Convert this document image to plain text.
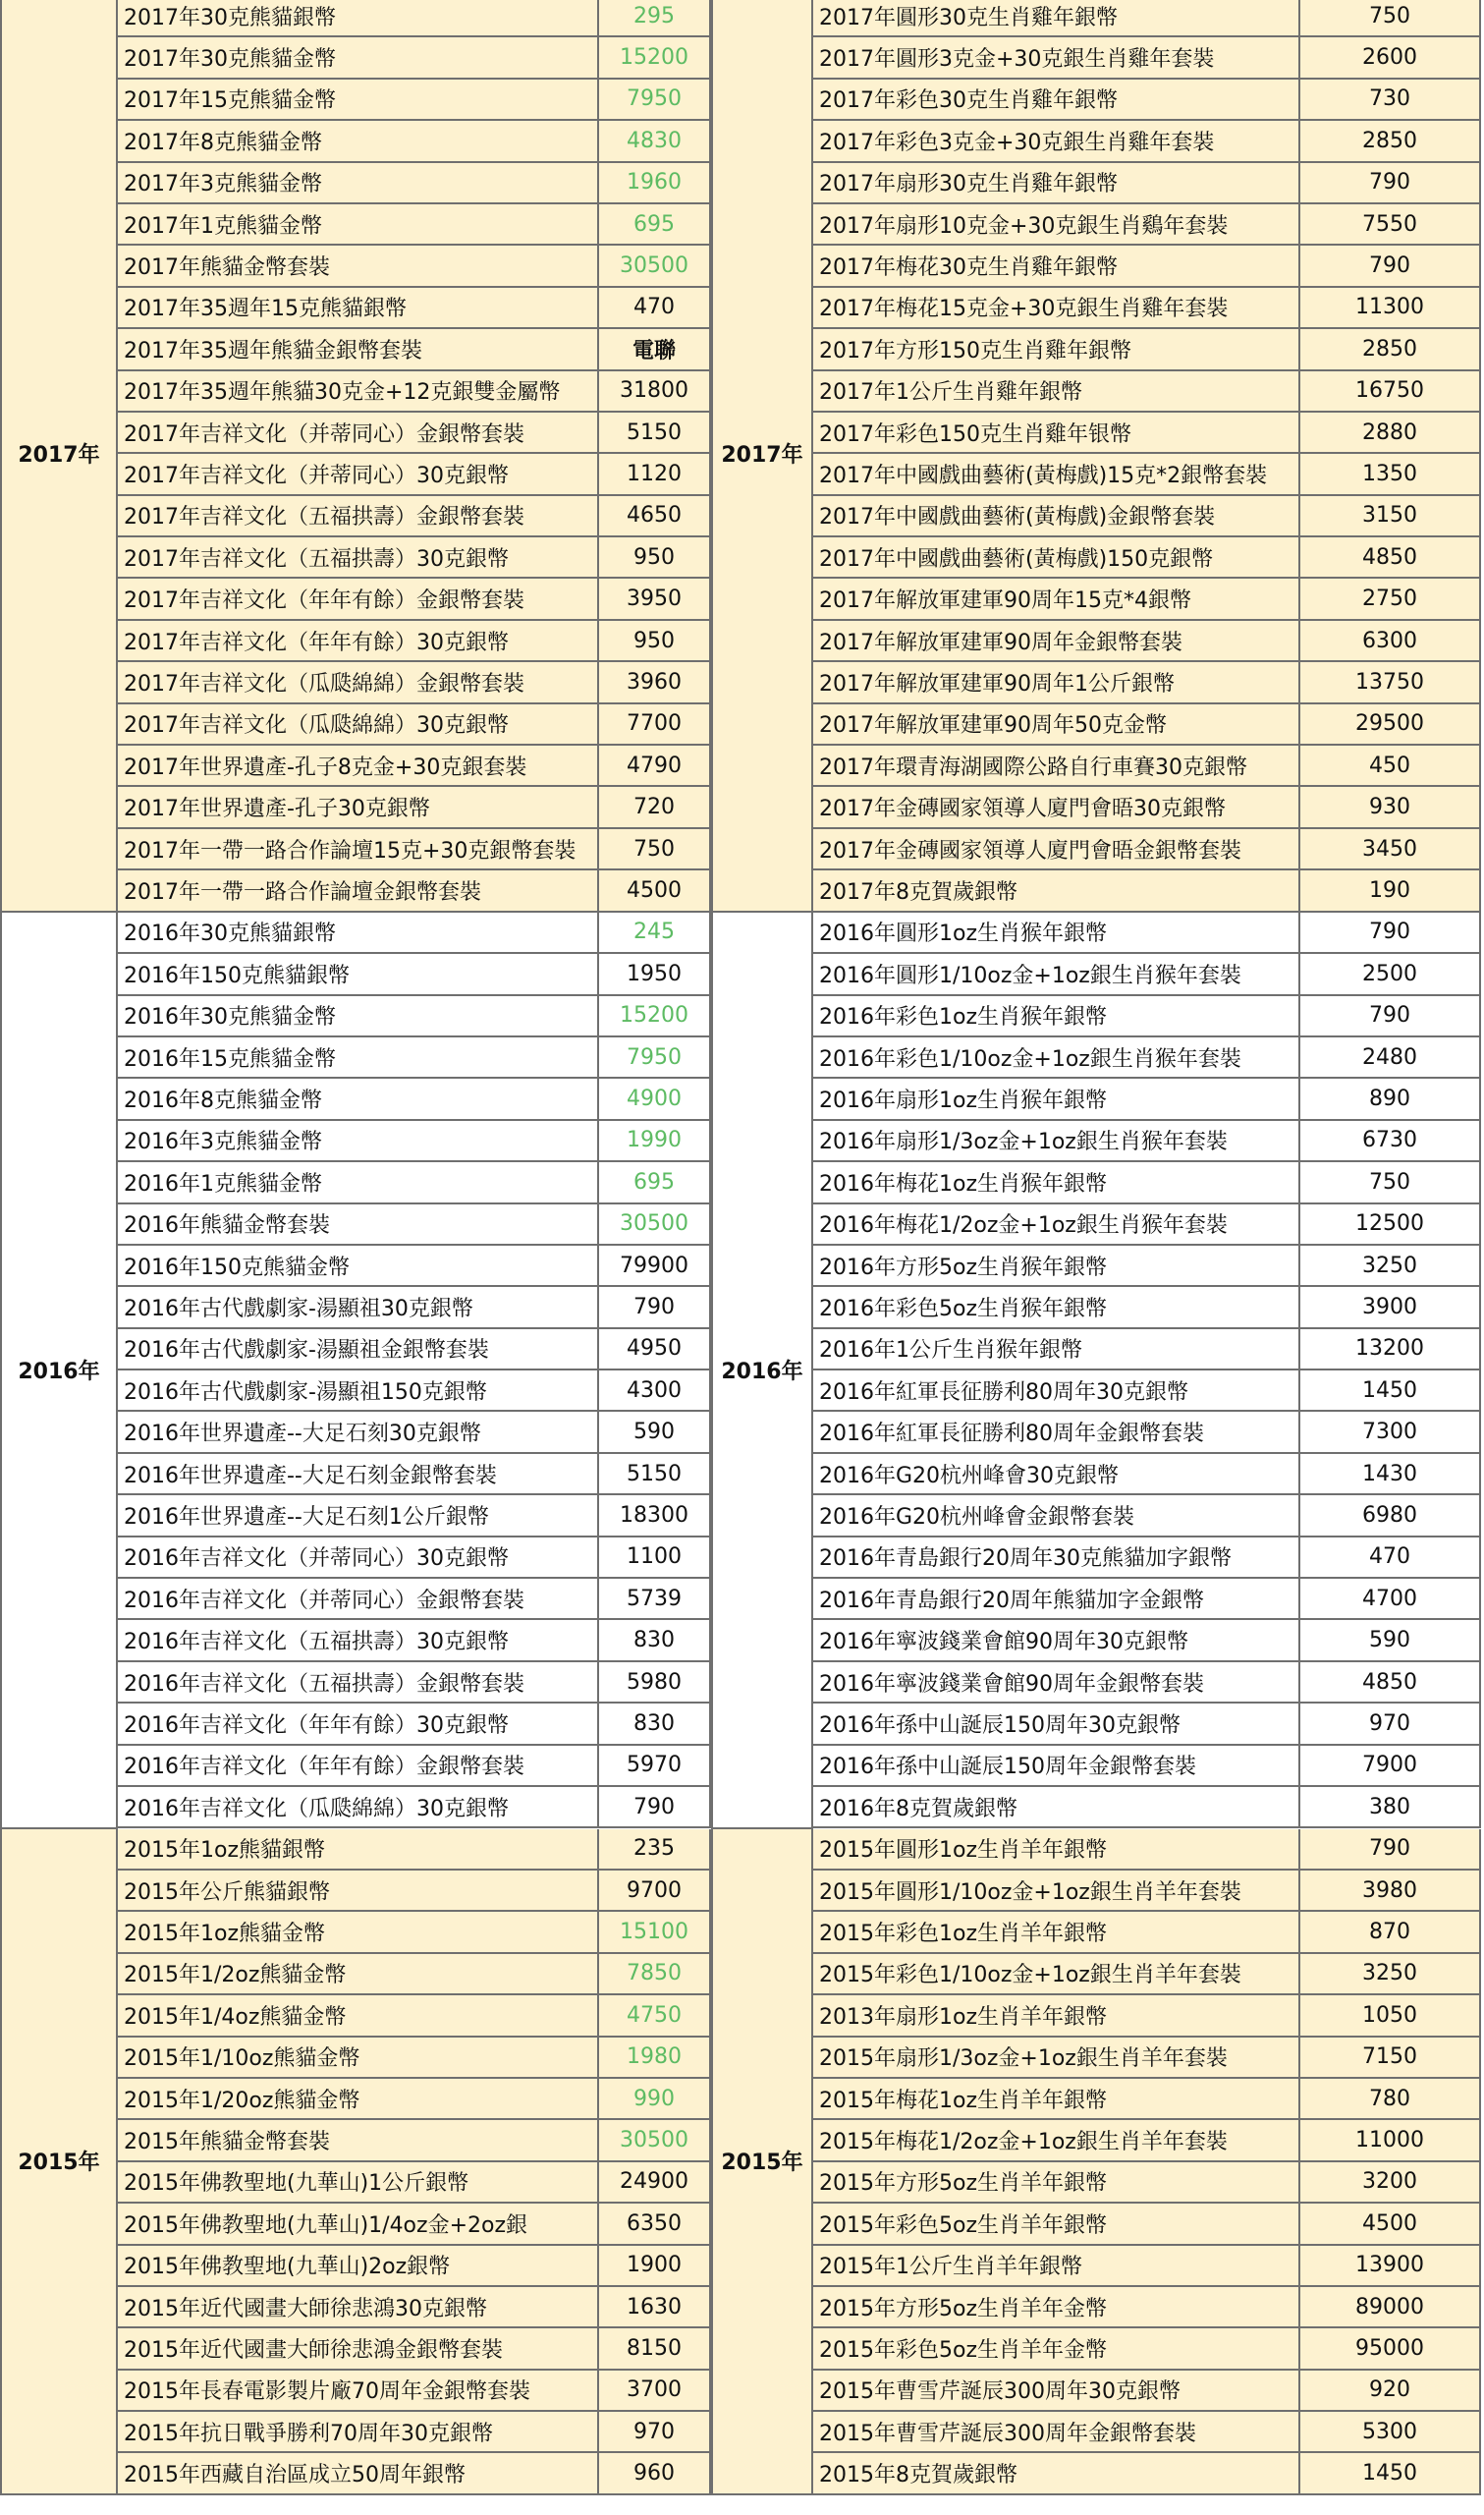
2017年	2017年
2017年30克熊貓銀幣	295
2017年30克熊貓金幣	15200
2017年15克熊貓金幣	7950
2017年8克熊貓金幣	4830
2017年3克熊貓金幣	1960
2017年1克熊貓金幣	695
2017年熊貓金幣套裝	30500
2017年35週年15克熊貓銀幣	470
2017年35週年熊貓金銀幣套裝	電聯
2017年35週年熊貓30克金+12克銀雙金屬幣	31800
2017年吉祥文化（并蒂同心）金銀幣套裝	5150
2017年吉祥文化（并蒂同心）30克銀幣	1120
2017年吉祥文化（五福拱壽）金銀幣套裝	4650
2017年吉祥文化（五福拱壽）30克銀幣	950
2017年吉祥文化（年年有餘）金銀幣套裝	3950
2017年吉祥文化（年年有餘）30克銀幣	950
2017年吉祥文化（瓜瓞綿綿）金銀幣套裝	3960
2017年吉祥文化（瓜瓞綿綿）30克銀幣	7700
2017年世界遺產-孔子8克金+30克銀套裝	4790
2017年世界遺產-孔子30克銀幣	720
2017年一帶一路合作論壇15克+30克銀幣套裝	750
2017年一帶一路合作論壇金銀幣套裝	4500
2017年圓形30克生肖雞年銀幣	750
2017年圓形3克金+30克銀生肖雞年套裝	2600
2017年彩色30克生肖雞年銀幣	730
2017年彩色3克金+30克銀生肖雞年套裝	2850
2017年扇形30克生肖雞年銀幣	790
2017年扇形10克金+30克銀生肖鷄年套裝	7550
2017年梅花30克生肖雞年銀幣	790
2017年梅花15克金+30克銀生肖雞年套裝	11300
2017年方形150克生肖雞年銀幣	2850
2017年1公斤生肖雞年銀幣	16750
2017年彩色150克生肖雞年银幣	2880
2017年中國戲曲藝術(黃梅戲)15克*2銀幣套裝	1350
2017年中國戲曲藝術(黃梅戲)金銀幣套裝	3150
2017年中國戲曲藝術(黃梅戲)150克銀幣	4850
2017年解放軍建軍90周年15克*4銀幣	2750
2017年解放軍建軍90周年金銀幣套裝	6300
2017年解放軍建軍90周年1公斤銀幣	13750
2017年解放軍建軍90周年50克金幣	29500
2017年環青海湖國際公路自行車賽30克銀幣	450
2017年金磚國家領導人廈門會晤30克銀幣	930
2017年金磚國家領導人廈門會晤金銀幣套裝	3450
2017年8克賀歲銀幣	190
2016年	2016年
2016年30克熊貓銀幣	245
2016年150克熊貓銀幣	1950
2016年30克熊貓金幣	15200
2016年15克熊貓金幣	7950
2016年8克熊貓金幣	4900
2016年3克熊貓金幣	1990
2016年1克熊貓金幣	695
2016年熊貓金幣套裝	30500
2016年150克熊貓金幣	79900
2016年古代戲劇家-湯顯祖30克銀幣	790
2016年古代戲劇家-湯顯祖金銀幣套裝	4950
2016年古代戲劇家-湯顯祖150克銀幣	4300
2016年世界遺產--大足石刻30克銀幣	590
2016年世界遺產--大足石刻金銀幣套裝	5150
2016年世界遺產--大足石刻1公斤銀幣	18300
2016年吉祥文化（并蒂同心）30克銀幣	1100
2016年吉祥文化（并蒂同心）金銀幣套裝	5739
2016年吉祥文化（五福拱壽）30克銀幣	830
2016年吉祥文化（五福拱壽）金銀幣套裝	5980
2016年吉祥文化（年年有餘）30克銀幣	830
2016年吉祥文化（年年有餘）金銀幣套裝	5970
2016年吉祥文化（瓜瓞綿綿）30克銀幣	790
2016年圓形1oz生肖猴年銀幣	790
2016年圓形1/10oz金+1oz銀生肖猴年套裝	2500
2016年彩色1oz生肖猴年銀幣	790
2016年彩色1/10oz金+1oz銀生肖猴年套裝	2480
2016年扇形1oz生肖猴年銀幣	890
2016年扇形1/3oz金+1oz銀生肖猴年套裝	6730
2016年梅花1oz生肖猴年銀幣	750
2016年梅花1/2oz金+1oz銀生肖猴年套裝	12500
2016年方形5oz生肖猴年銀幣	3250
2016年彩色5oz生肖猴年銀幣	3900
2016年1公斤生肖猴年銀幣	13200
2016年紅軍長征勝利80周年30克銀幣	1450
2016年紅軍長征勝利80周年金銀幣套裝	7300
2016年G20杭州峰會30克銀幣	1430
2016年G20杭州峰會金銀幣套裝	6980
2016年青島銀行20周年30克熊貓加字銀幣	470
2016年青島銀行20周年熊貓加字金銀幣	4700
2016年寧波錢業會館90周年30克銀幣	590
2016年寧波錢業會館90周年金銀幣套裝	4850
2016年孫中山誕辰150周年30克銀幣	970
2016年孫中山誕辰150周年金銀幣套裝	7900
2016年8克賀歲銀幣	380
2015年	2015年
2015年1oz熊貓銀幣	235
2015年公斤熊貓銀幣	9700
2015年1oz熊貓金幣	15100
2015年1/2oz熊貓金幣	7850
2015年1/4oz熊貓金幣	4750
2015年1/10oz熊貓金幣	1980
2015年1/20oz熊貓金幣	990
2015年熊貓金幣套裝	30500
2015年佛教聖地(九華山)1公斤銀幣	24900
2015年佛教聖地(九華山)1/4oz金+2oz銀	6350
2015年佛教聖地(九華山)2oz銀幣	1900
2015年近代國畫大師徐悲鴻30克銀幣	1630
2015年近代國畫大師徐悲鴻金銀幣套裝	8150
2015年長春電影製片廠70周年金銀幣套裝	3700
2015年抗日戰爭勝利70周年30克銀幣	970
2015年西藏自治區成立50周年銀幣	960
2015年圓形1oz生肖羊年銀幣	790
2015年圓形1/10oz金+1oz銀生肖羊年套裝	3980
2015年彩色1oz生肖羊年銀幣	870
2015年彩色1/10oz金+1oz銀生肖羊年套裝	3250
2013年扇形1oz生肖羊年銀幣	1050
2015年扇形1/3oz金+1oz銀生肖羊年套裝	7150
2015年梅花1oz生肖羊年銀幣	780
2015年梅花1/2oz金+1oz銀生肖羊年套裝	11000
2015年方形5oz生肖羊年銀幣	3200
2015年彩色5oz生肖羊年銀幣	4500
2015年1公斤生肖羊年銀幣	13900
2015年方形5oz生肖羊年金幣	89000
2015年彩色5oz生肖羊年金幣	95000
2015年曹雪芹誕辰300周年30克銀幣	920
2015年曹雪芹誕辰300周年金銀幣套裝	5300
2015年8克賀歲銀幣	1450
